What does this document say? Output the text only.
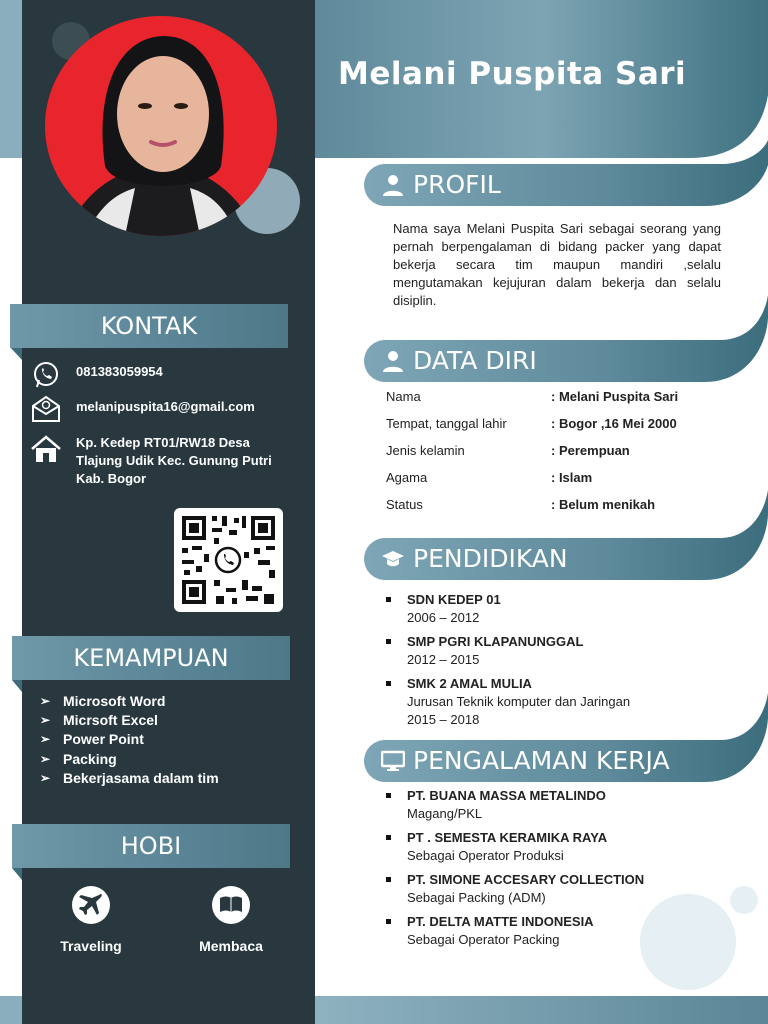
KONTAK
081383059954
melanipuspita16@gmail.com
Kp. Kedep RT01/RW18 Desa Tlajung Udik Kec. Gunung Putri Kab. Bogor
KEMAMPUAN
➢ Microsoft Word
➢ Micrsoft Excel
➢ Power Point
➢ Packing
➢ Bekerjasama dalam tim
HOBI
Traveling	Membaca
Melani Puspita Sari
PROFIL

Nama saya Melani Puspita Sari sebagai seorang yang pernah berpengalaman di bidang packer yang dapat bekerja secara tim maupun mandiri ,selalu mengutamakan kejujuran dalam bekerja dan selalu disiplin.

DATA DIRI
Nama	: Melani Puspita Sari
Tempat, tanggal lahir	: Bogor ,16 Mei 2000
Jenis kelamin	: Perempuan
Agama	: Islam
Status	: Belum menikah
PENDIDIKAN
SDN KEDEP 01
2006 – 2012
SMP PGRI KLAPANUNGGAL
2012 – 2015
SMK 2 AMAL MULIA
Jurusan Teknik komputer dan Jaringan
2015 – 2018
PENGALAMAN KERJA
PT. BUANA MASSA METALINDO
Magang/PKL
PT . SEMESTA KERAMIKA RAYA
Sebagai Operator Produksi
PT. SIMONE ACCESARY COLLECTION
Sebagai Packing (ADM)
PT. DELTA MATTE INDONESIA
Sebagai Operator Packing
